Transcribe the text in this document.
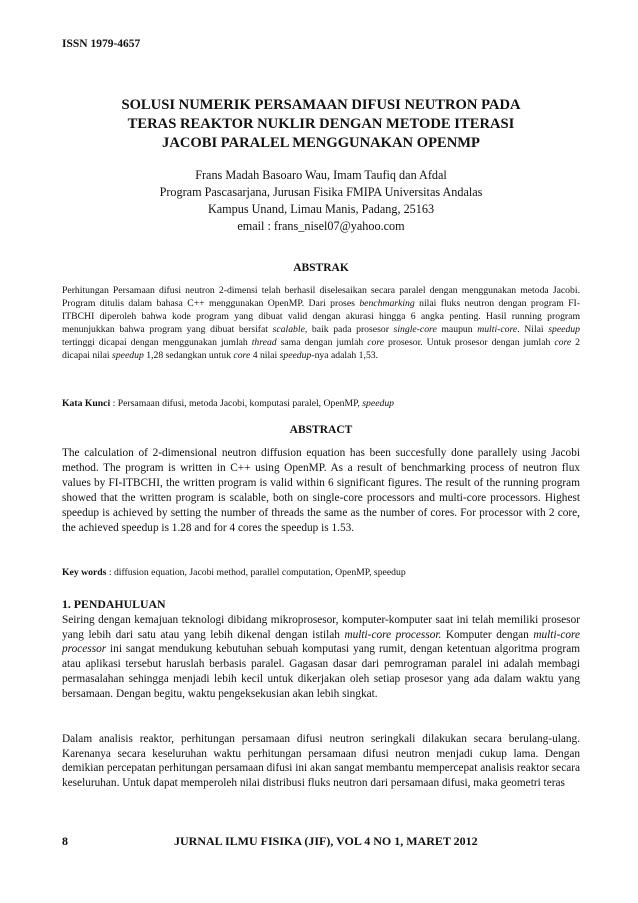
ISSN 1979-4657
SOLUSI NUMERIK PERSAMAAN DIFUSI NEUTRON PADA
TERAS REAKTOR NUKLIR DENGAN METODE ITERASI
JACOBI PARALEL MENGGUNAKAN OPENMP
Frans Madah Basoaro Wau, Imam Taufiq dan Afdal
Program Pascasarjana, Jurusan Fisika FMIPA Universitas Andalas
Kampus Unand, Limau Manis, Padang, 25163
email : frans_nisel07@yahoo.com
ABSTRAK
Perhitungan Persamaan difusi neutron 2-dimensi telah berhasil diselesaikan secara paralel dengan menggunakan metoda Jacobi. Program ditulis dalam bahasa C++ menggunakan OpenMP. Dari proses benchmarking nilai fluks neutron dengan program FI-ITBCHI diperoleh bahwa kode program yang dibuat valid dengan akurasi hingga 6 angka penting. Hasil running program menunjukkan bahwa program yang dibuat bersifat scalable, baik pada prosesor single-core maupun multi-core. Nilai speedup tertinggi dicapai dengan menggunakan jumlah thread sama dengan jumlah core prosesor. Untuk prosesor dengan jumlah core 2 dicapai nilai speedup 1,28 sedangkan untuk core 4 nilai speedup-nya adalah 1,53.
Kata Kunci : Persamaan difusi, metoda Jacobi, komputasi paralel, OpenMP, speedup
ABSTRACT
The calculation of 2-dimensional neutron diffusion equation has been succesfully done parallely using Jacobi method. The program is written in C++ using OpenMP. As a result of benchmarking process of neutron flux values by FI-ITBCHI, the written program is valid within 6 significant figures. The result of the running program showed that the written program is scalable, both on single-core processors and multi-core processors. Highest speedup is achieved by setting the number of threads the same as the number of cores. For processor with 2 core, the achieved speedup is 1.28 and for 4 cores the speedup is 1.53.
Key words : diffusion equation, Jacobi method, parallel computation, OpenMP, speedup
1. PENDAHULUAN
Seiring dengan kemajuan teknologi dibidang mikroprosesor, komputer-komputer saat ini telah memiliki prosesor yang lebih dari satu atau yang lebih dikenal dengan istilah multi-core processor. Komputer dengan multi-core processor ini sangat mendukung kebutuhan sebuah komputasi yang rumit, dengan ketentuan algoritma program atau aplikasi tersebut haruslah berbasis paralel. Gagasan dasar dari pemrograman paralel ini adalah membagi permasalahan sehingga menjadi lebih kecil untuk dikerjakan oleh setiap prosesor yang ada dalam waktu yang bersamaan. Dengan begitu, waktu pengeksekusian akan lebih singkat.
Dalam analisis reaktor, perhitungan persamaan difusi neutron seringkali dilakukan secara berulang-ulang. Karenanya secara keseluruhan waktu perhitungan persamaan difusi neutron menjadi cukup lama. Dengan demikian percepatan perhitungan persamaan difusi ini akan sangat membantu mempercepat analisis reaktor secara keseluruhan. Untuk dapat memperoleh nilai distribusi fluks neutron dari persamaan difusi, maka geometri teras
8	JURNAL ILMU FISIKA (JIF), VOL 4 NO 1, MARET 2012
